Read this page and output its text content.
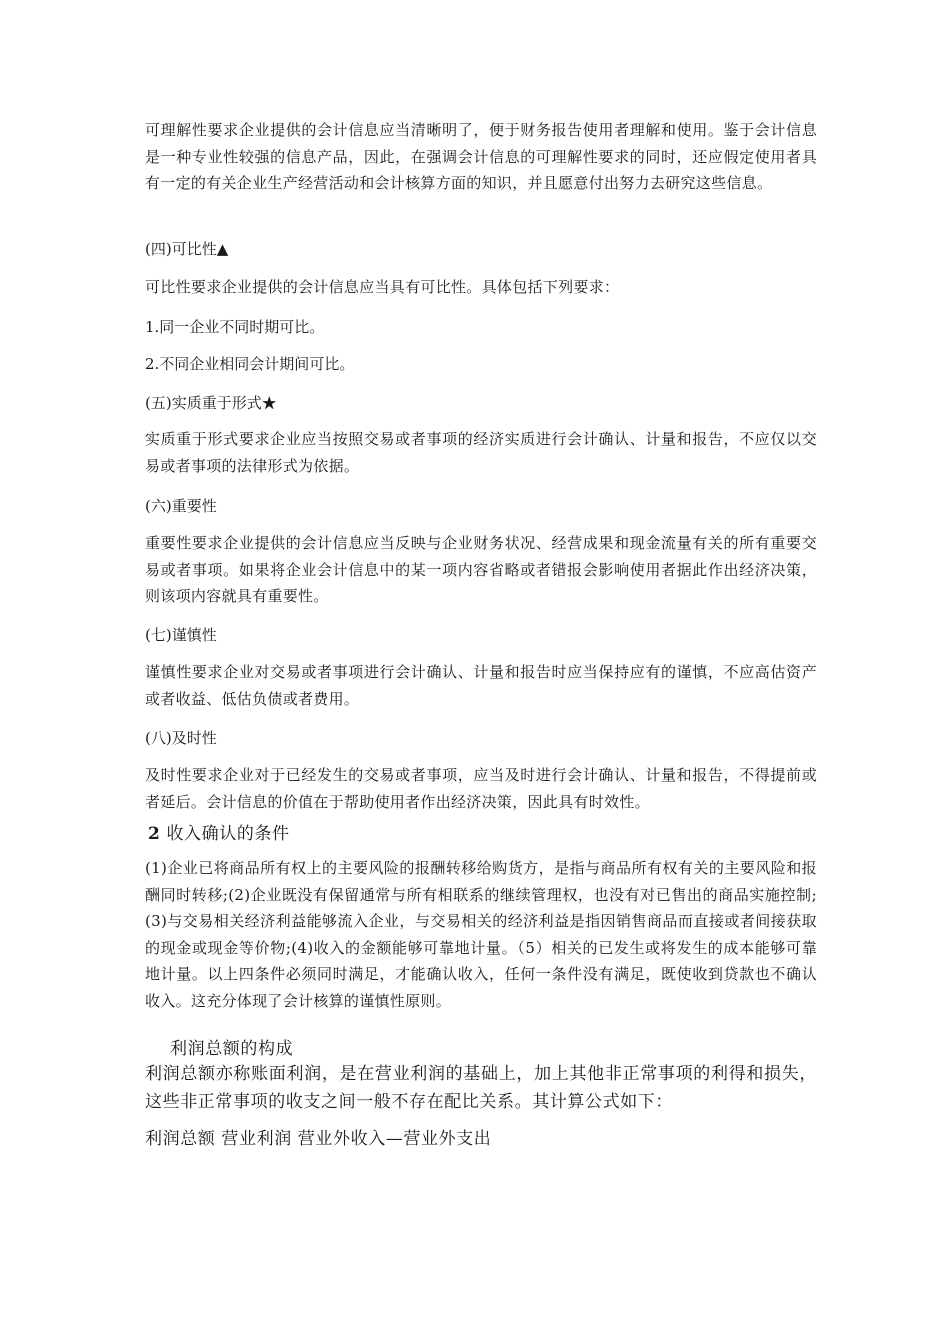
可理解性要求企业提供的会计信息应当清晰明了，便于财务报告使用者理解和使用。鉴于会计信息是一种专业性较强的信息产品，因此，在强调会计信息的可理解性要求的同时，还应假定使用者具有一定的有关企业生产经营活动和会计核算方面的知识，并且愿意付出努力去研究这些信息。

(四)可比性▲

可比性要求企业提供的会计信息应当具有可比性。具体包括下列要求：

1.同一企业不同时期可比。

2.不同企业相同会计期间可比。

(五)实质重于形式★

实质重于形式要求企业应当按照交易或者事项的经济实质进行会计确认、计量和报告，不应仅以交易或者事项的法律形式为依据。

(六)重要性

重要性要求企业提供的会计信息应当反映与企业财务状况、经营成果和现金流量有关的所有重要交易或者事项。如果将企业会计信息中的某一项内容省略或者错报会影响使用者据此作出经济决策，则该项内容就具有重要性。

(七)谨慎性

谨慎性要求企业对交易或者事项进行会计确认、计量和报告时应当保持应有的谨慎，不应高估资产或者收益、低估负债或者费用。

(八)及时性

及时性要求企业对于已经发生的交易或者事项，应当及时进行会计确认、计量和报告，不得提前或者延后。会计信息的价值在于帮助使用者作出经济决策，因此具有时效性。

2 收入确认的条件

(1)企业已将商品所有权上的主要风险的报酬转移给购货方，是指与商品所有权有关的主要风险和报酬同时转移;(2)企业既没有保留通常与所有相联系的继续管理权，也没有对已售出的商品实施控制;(3)与交易相关经济利益能够流入企业，与交易相关的经济利益是指因销售商品而直接或者间接获取的现金或现金等价物;(4)收入的金额能够可靠地计量。（5）相关的已发生或将发生的成本能够可靠地计量。以上四条件必须同时满足，才能确认收入，任何一条件没有满足，既使收到贷款也不确认收入。这充分体现了会计核算的谨慎性原则。

利润总额的构成

利润总额亦称账面利润，是在营业利润的基础上，加上其他非正常事项的利得和损失，这些非正常事项的收支之间一般不存在配比关系。其计算公式如下：

利润总额 营业利润 营业外收入—营业外支出
